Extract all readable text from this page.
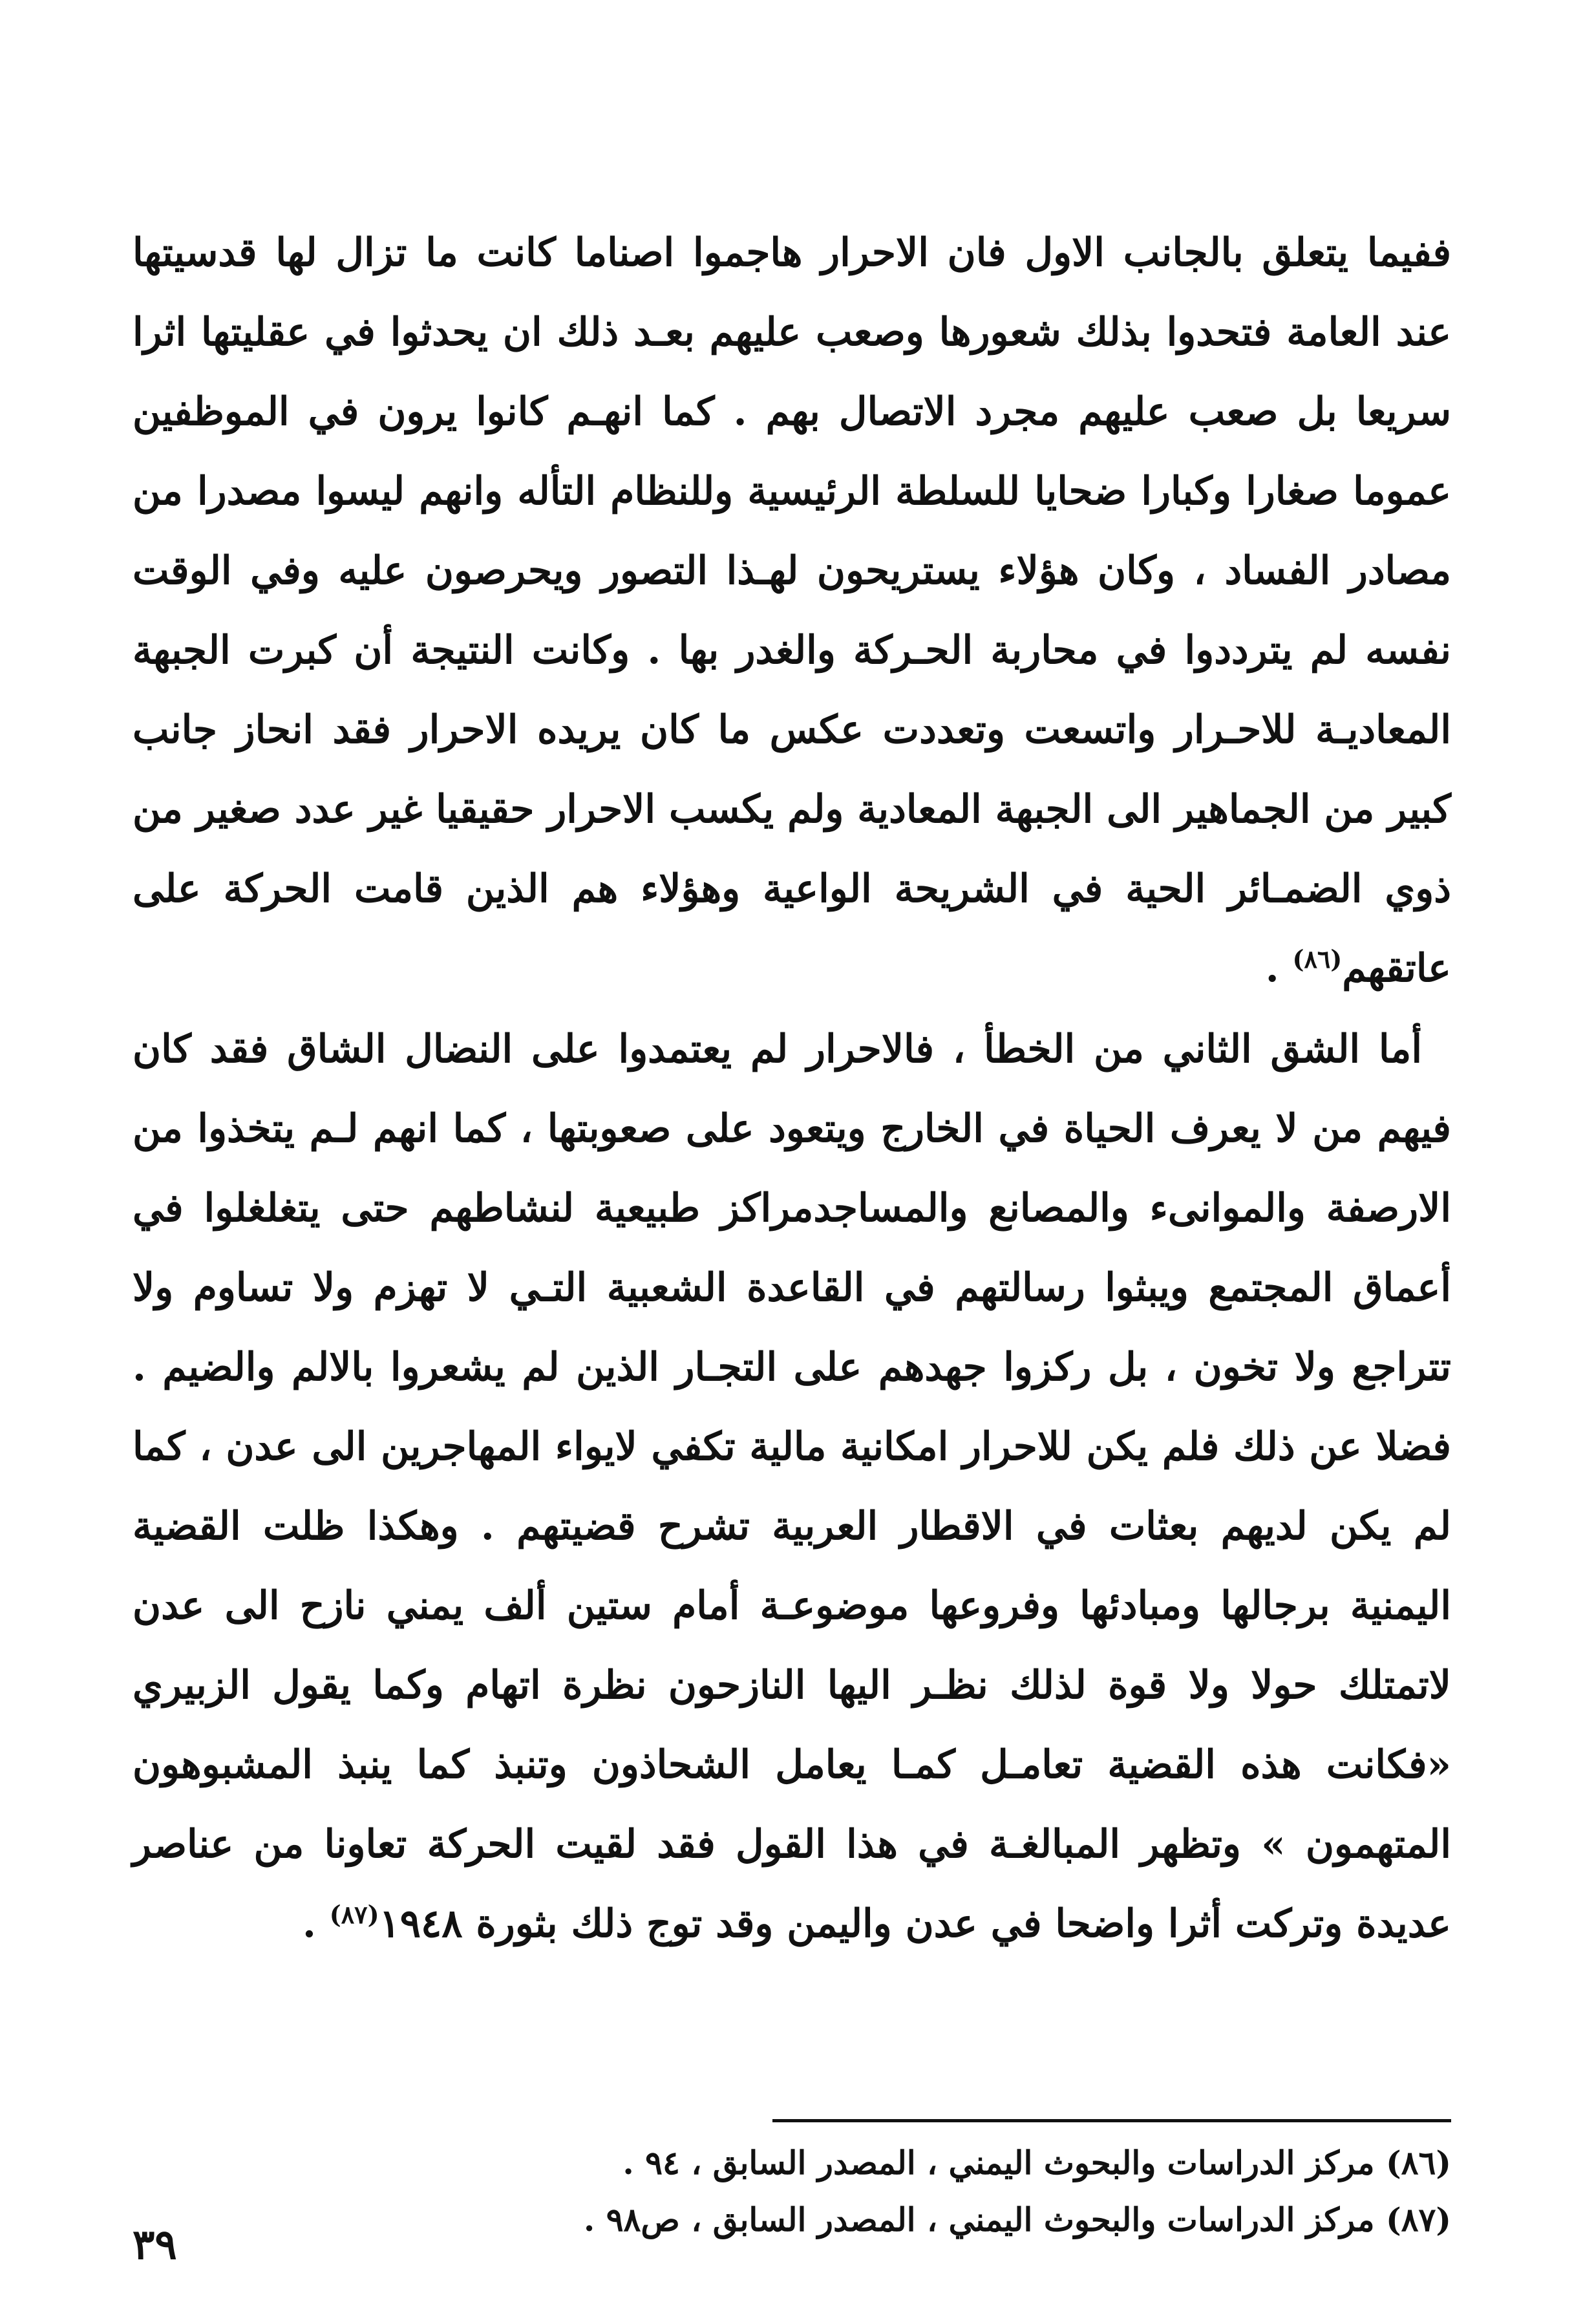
ففيما يتعلق بالجانب الاول فان الاحرار هاجموا اصناما كانت ما تزال لها قدسيتها عند العامة فتحدوا بذلك شعورها وصعب عليهم بعـد ذلك ان يحدثوا في عقليتها اثرا سريعا بل صعب عليهم مجرد الاتصال بهم . كما انهـم كانوا يرون في الموظفين عموما صغارا وكبارا ضحايا للسلطة الرئيسية وللنظام التأله وانهم ليسوا مصدرا من مصادر الفساد ، وكان هؤلاء يستريحون لهـذا التصور ويحرصون عليه وفي الوقت نفسه لم يترددوا في محاربة الحـركة والغدر بها . وكانت النتيجة أن كبرت الجبهة المعاديـة للاحـرار واتسعت وتعددت عكس ما كان يريده الاحرار فقد انحاز جانب كبير من الجماهير الى الجبهة المعادية ولم يكسب الاحرار حقيقيا غير عدد صغير من ذوي الضمـائر الحية في الشريحة الواعية وهؤلاء هم الذين قامت الحركة على عاتقهم$^{(٨٦)}$ .

أما الشق الثاني من الخطأ ، فالاحرار لم يعتمدوا على النضال الشاق فقد كان فيهم من لا يعرف الحياة في الخارج ويتعود على صعوبتها ، كما انهم لـم يتخذوا من الارصفة والموانىء والمصانع والمساجدمراكز طبيعية لنشاطهم حتى يتغلغلوا في أعماق المجتمع ويبثوا رسالتهم في القاعدة الشعبية التـي لا تهزم ولا تساوم ولا تتراجع ولا تخون ، بل ركزوا جهدهم على التجـار الذين لم يشعروا بالالم والضيم . فضلا عن ذلك فلم يكن للاحرار امكانية مالية تكفي لايواء المهاجرين الى عدن ، كما لم يكن لديهم بعثات في الاقطار العربية تشرح قضيتهم . وهكذا ظلت القضية اليمنية برجالها ومبادئها وفروعها موضوعـة أمام ستين ألف يمني نازح الى عدن لاتمتلك حولا ولا قوة لذلك نظـر اليها النازحون نظرة اتهام وكما يقول الزبيري «فكانت هذه القضية تعامـل كمـا يعامل الشحاذون وتنبذ كما ينبذ المشبوهون المتهمون » وتظهر المبالغـة في هذا القول فقد لقيت الحركة تعاونا من عناصر عديدة وتركت أثرا واضحا في عدن واليمن وقد توج ذلك بثورة ١٩٤٨$^{(٨٧)}$ .

(٨٦) مركز الدراسات والبحوث اليمني ، المصدر السابق ، ٩٤ .

(٨٧) مركز الدراسات والبحوث اليمني ، المصدر السابق ، ص٩٨ .

٣٩
